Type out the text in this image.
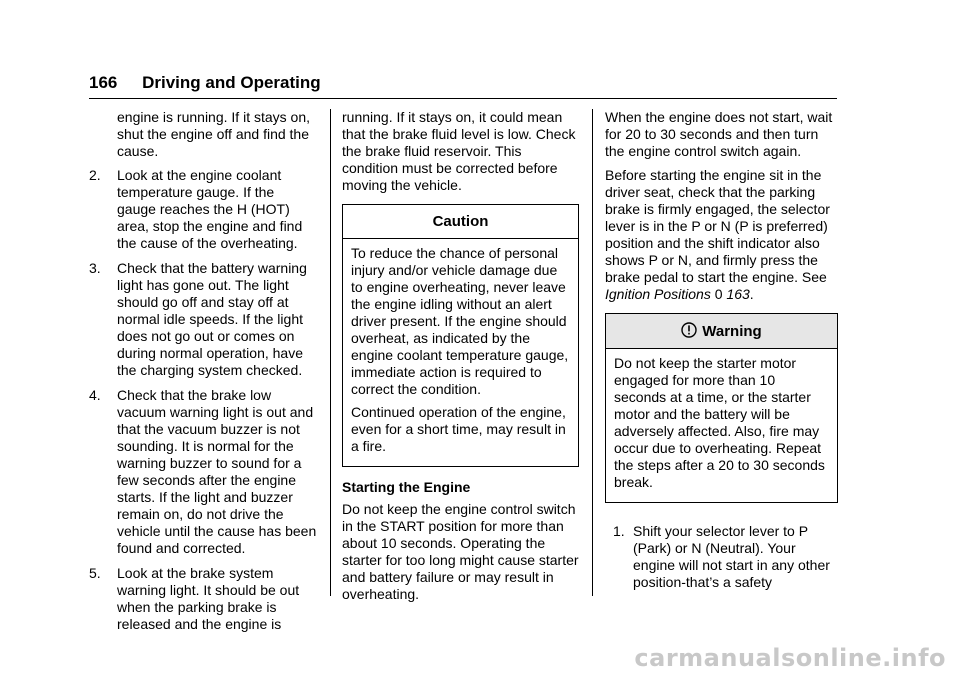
166 Driving and Operating

engine is running. If it stays on, shut the engine off and find the cause.

2. Look at the engine coolant temperature gauge. If the gauge reaches the H (HOT) area, stop the engine and find the cause of the overheating.
3. Check that the battery warning light has gone out. The light should go off and stay off at normal idle speeds. If the light does not go out or comes on during normal operation, have the charging system checked.
4. Check that the brake low vacuum warning light is out and that the vacuum buzzer is not sounding. It is normal for the warning buzzer to sound for a few seconds after the engine starts. If the light and buzzer remain on, do not drive the vehicle until the cause has been found and corrected.
5. Look at the brake system warning light. It should be out when the parking brake is released and the engine is

running. If it stays on, it could mean that the brake fluid level is low. Check the brake fluid reservoir. This condition must be corrected before moving the vehicle.

Caution

To reduce the chance of personal injury and/or vehicle damage due to engine overheating, never leave the engine idling without an alert driver present. If the engine should overheat, as indicated by the engine coolant temperature gauge, immediate action is required to correct the condition.

Continued operation of the engine, even for a short time, may result in a fire.

Starting the Engine

Do not keep the engine control switch in the START position for more than about 10 seconds. Operating the starter for too long might cause starter and battery failure or may result in overheating.

When the engine does not start, wait for 20 to 30 seconds and then turn the engine control switch again.

Before starting the engine sit in the driver seat, check that the parking brake is firmly engaged, the selector lever is in the P or N (P is preferred) position and the shift indicator also shows P or N, and firmly press the brake pedal to start the engine. See Ignition Positions 0 163.

Warning

Do not keep the starter motor engaged for more than 10 seconds at a time, or the starter motor and the battery will be adversely affected. Also, fire may occur due to overheating. Repeat the steps after a 20 to 30 seconds break.

1. Shift your selector lever to P (Park) or N (Neutral). Your engine will not start in any other position-that’s a safety
carmanualsonline.info
